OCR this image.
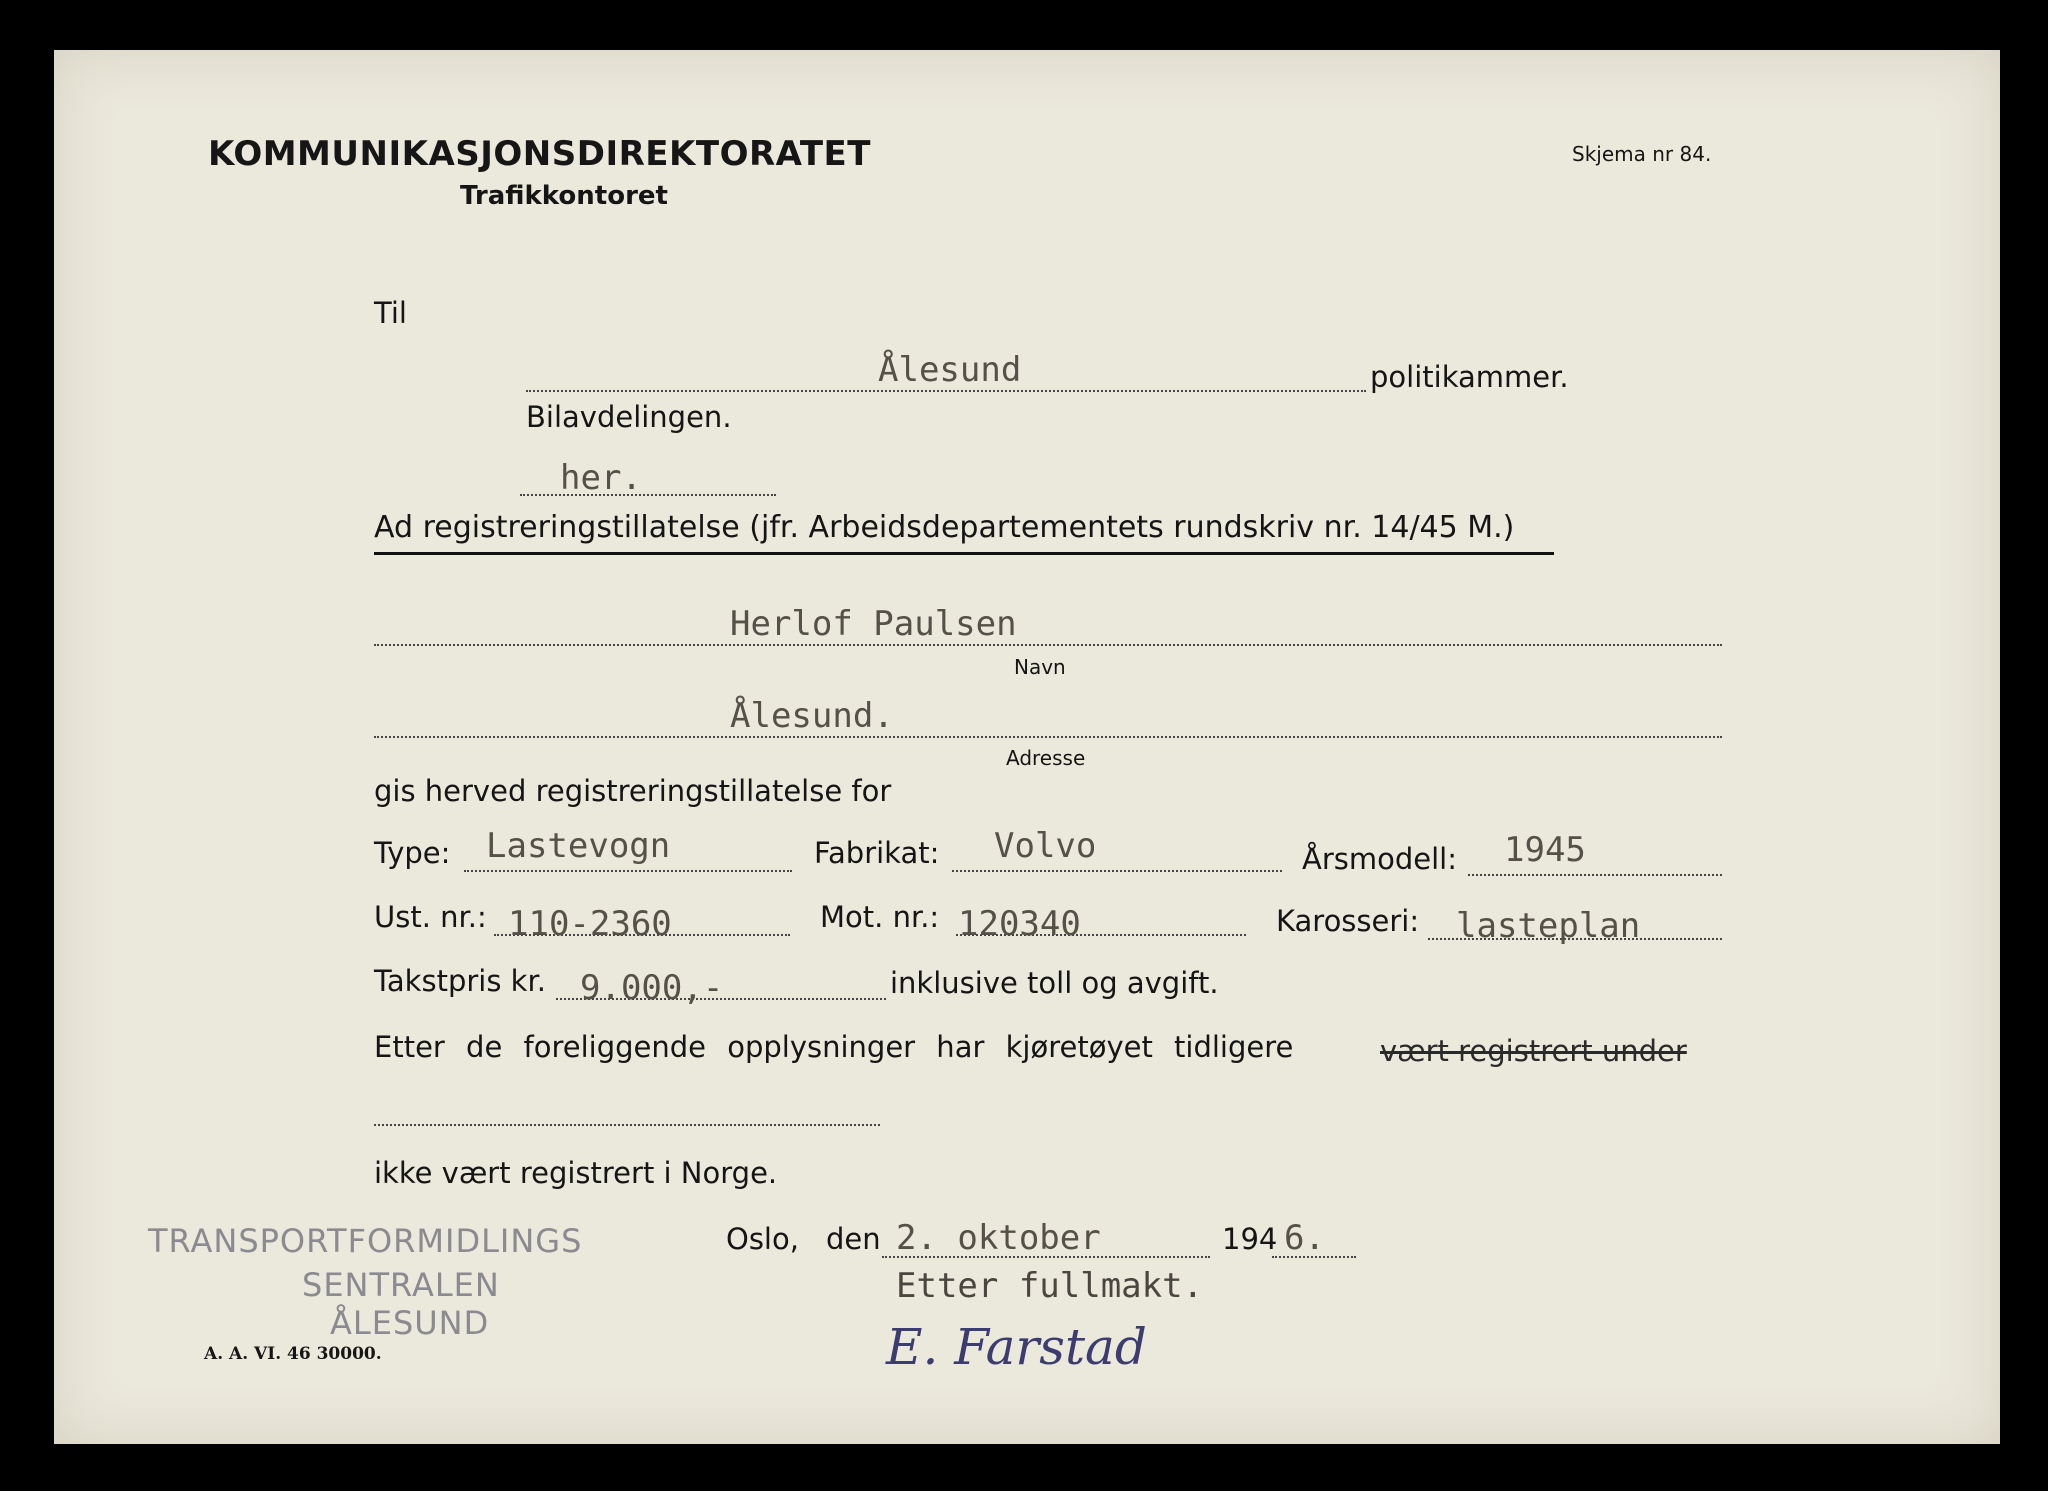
KOMMUNIKASJONSDIREKTORATET
Trafikkontoret
Skjema nr 84.
Til
Ålesund	politikammer.
Bilavdelingen.
her.
Ad registreringstillatelse (jfr. Arbeidsdepartementets rundskriv nr. 14/45 M.)
Herlof Paulsen
Navn
Ålesund.
Adresse
gis herved registreringstillatelse for
Type: Lastevogn	Fabrikat: Volvo	Årsmodell: 1945
Ust. nr.: 110-2360	Mot. nr.: 120340	Karosseri: lasteplan
Takstpris kr. 9.000,-	inklusive toll og avgift.
Etter de foreliggende opplysninger har kjøretøyet tidligere	vært registrert under
ikke vært registrert i Norge.
TRANSPORTFORMIDLINGS
SENTRALEN
ÅLESUND
Oslo, den 2. oktober	194 6.
Etter fullmakt.
E. Farstad
A. A. VI. 46 30000.
